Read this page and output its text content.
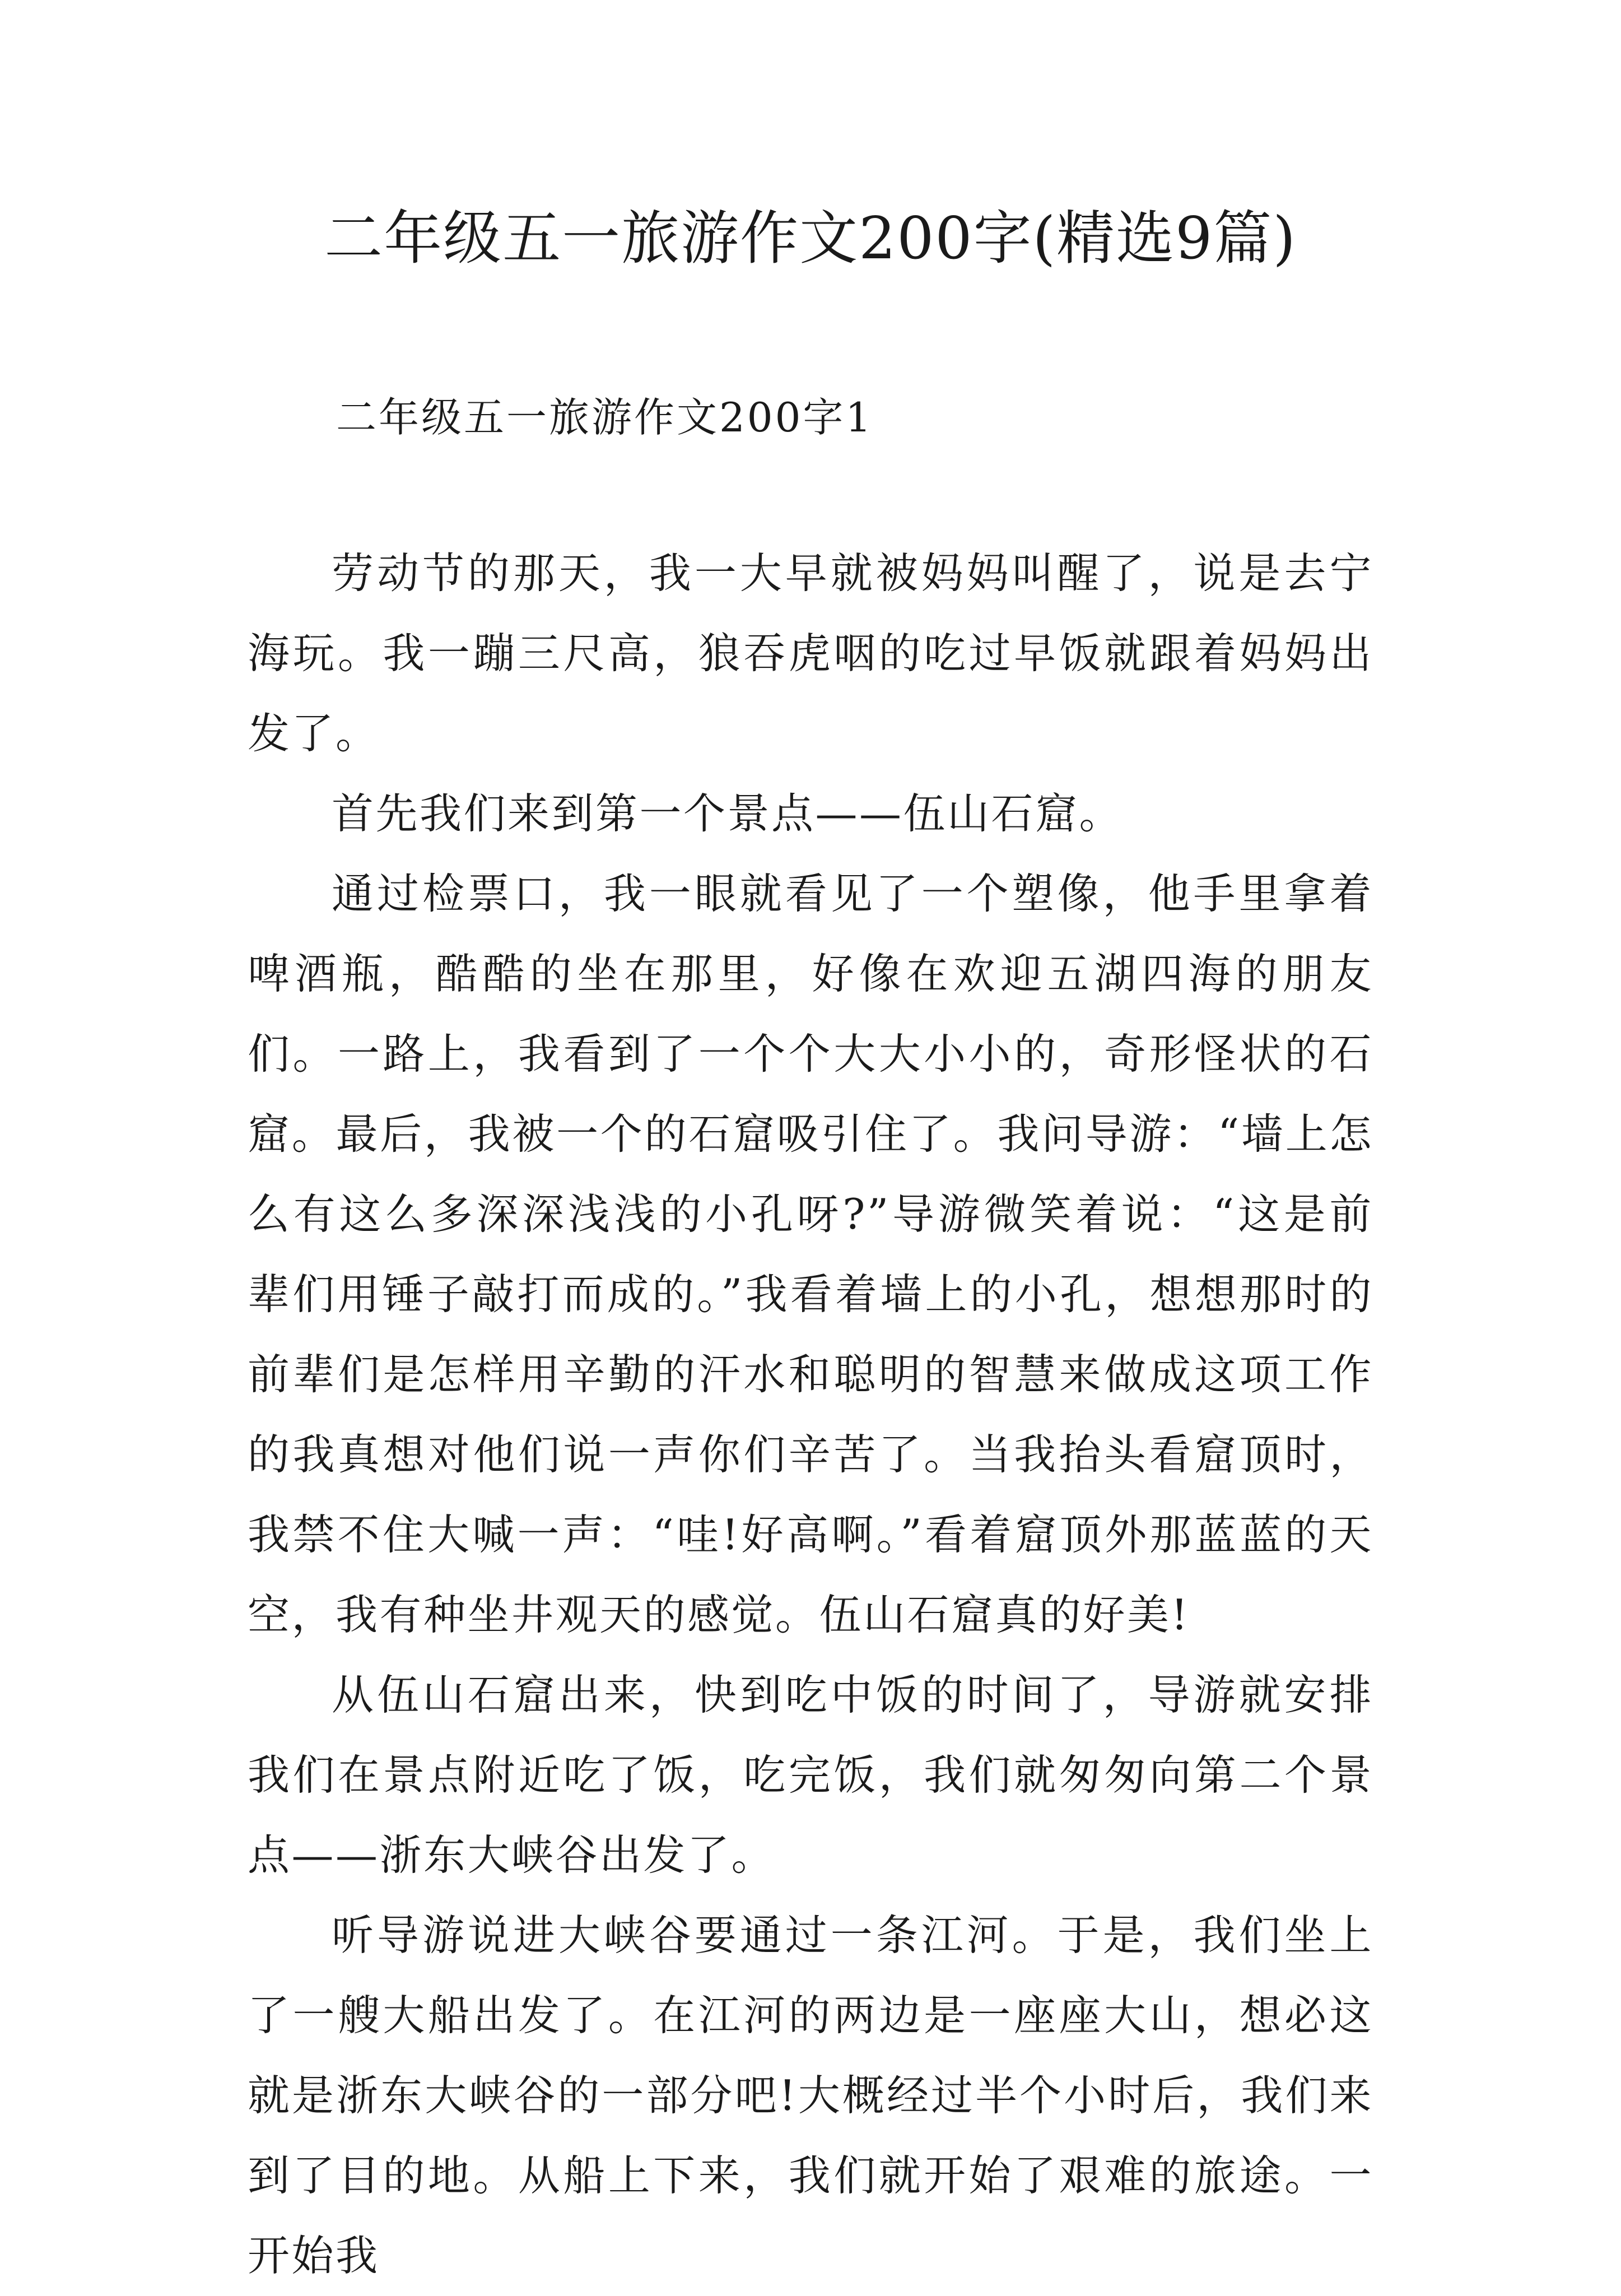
二年级五一旅游作文200字(精选9篇)
二年级五一旅游作文200字1

劳动节的那天，我一大早就被妈妈叫醒了，说是去宁海玩。我一蹦三尺高，狼吞虎咽的吃过早饭就跟着妈妈出发了。

首先我们来到第一个景点——伍山石窟。

通过检票口，我一眼就看见了一个塑像，他手里拿着啤酒瓶，酷酷的坐在那里，好像在欢迎五湖四海的朋友们。一路上，我看到了一个个大大小小的，奇形怪状的石窟。最后，我被一个的石窟吸引住了。我问导游：“墙上怎么有这么多深深浅浅的小孔呀?”导游微笑着说：“这是前辈们用锤子敲打而成的。”我看着墙上的小孔，想想那时的前辈们是怎样用辛勤的汗水和聪明的智慧来做成这项工作的我真想对他们说一声你们辛苦了。当我抬头看窟顶时，我禁不住大喊一声：“哇!好高啊。”看着窟顶外那蓝蓝的天空，我有种坐井观天的感觉。伍山石窟真的好美!

从伍山石窟出来，快到吃中饭的时间了，导游就安排我们在景点附近吃了饭，吃完饭，我们就匆匆向第二个景点——浙东大峡谷出发了。

听导游说进大峡谷要通过一条江河。于是，我们坐上了一艘大船出发了。在江河的两边是一座座大山，想必这就是浙东大峡谷的一部分吧!大概经过半个小时后，我们来到了目的地。从船上下来，我们就开始了艰难的旅途。一开始我
